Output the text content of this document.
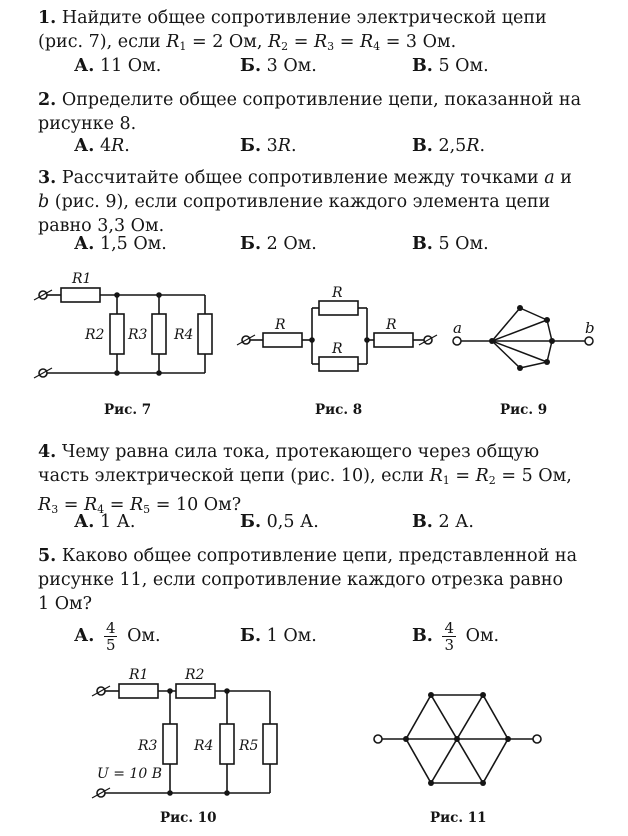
1. Найдите общее сопротивление электрической цепи
(рис. 7), если $R_1 = 2$ Ом, $R_2 = R_3 = R_4 = 3$ Ом.
А. 11 Ом.	Б. 3 Ом.	В. 5 Ом.
2. Определите общее сопротивление цепи, показанной на
рисунке 8.
А. 4R.	Б. 3R.	В. 2,5R.
3. Рассчитайте общее сопротивление между точками a и
b (рис. 9), если сопротивление каждого элемента цепи
равно 3,3 Ом.
А. 1,5 Ом.	Б. 2 Ом.	В. 5 Ом.
R1
R2 R3 R4
R
R
R
R	a	b
R1	R2
R3	R4 R5
U = 10 В
Рис. 7	Рис. 8	Рис. 9
4. Чему равна сила тока, протекающего через общую
часть электрической цепи (рис. 10), если $R_1 = R_2 = 5$ Ом,
$R_3 = R_4 = R_5 = 10$ Ом?
А. 1 А.	Б. 0,5 А.	В. 2 А.
5. Каково общее сопротивление цепи, представленной на
рисунке 11, если сопротивление каждого отрезка равно
1 Ом?
А. $\frac{4}{5}$ Ом.	Б. 1 Ом.	В. $\frac{4}{3}$ Ом.
Рис. 10	Рис. 11
